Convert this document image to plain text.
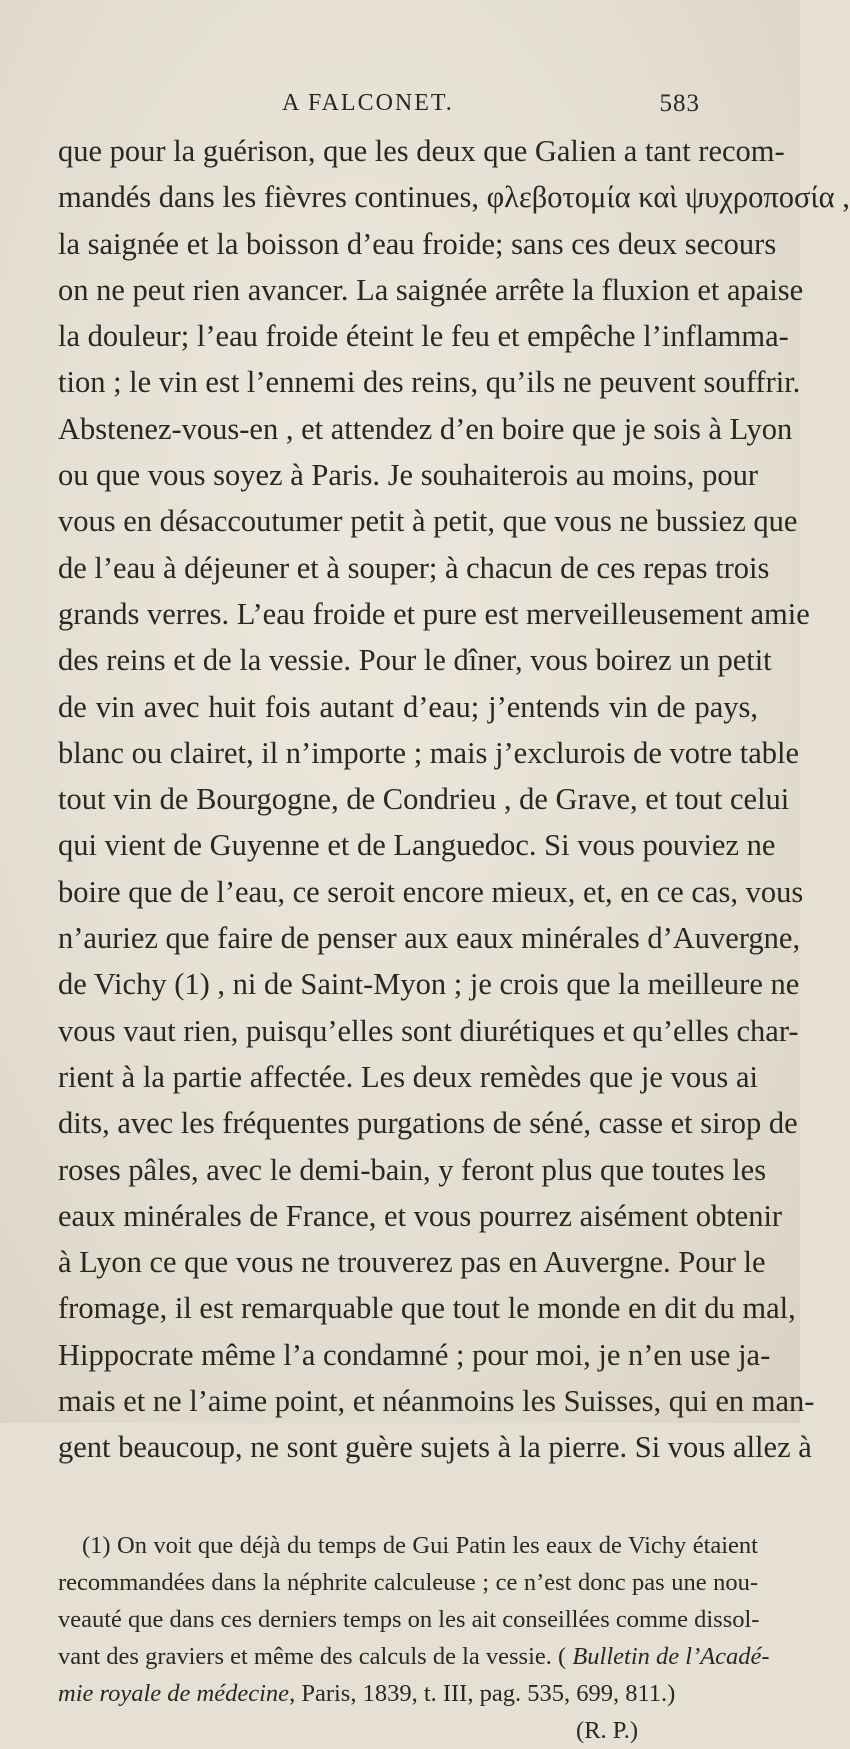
A FALCONET.	583
que pour la guérison, que les deux que Galien a tant recom-
mandés dans les fièvres continues, φλεβοτομία καὶ ψυχροποσία ,
la saignée et la boisson d’eau froide; sans ces deux secours
on ne peut rien avancer. La saignée arrête la fluxion et apaise
la douleur; l’eau froide éteint le feu et empêche l’inflamma-
tion ; le vin est l’ennemi des reins, qu’ils ne peuvent souffrir.
Abstenez-vous-en , et attendez d’en boire que je sois à Lyon
ou que vous soyez à Paris. Je souhaiterois au moins, pour
vous en désaccoutumer petit à petit, que vous ne bussiez que
de l’eau à déjeuner et à souper; à chacun de ces repas trois
grands verres. L’eau froide et pure est merveilleusement amie
des reins et de la vessie. Pour le dîner, vous boirez un petit
de vin avec huit fois autant d’eau; j’entends vin de pays,
blanc ou clairet, il n’importe ; mais j’exclurois de votre table
tout vin de Bourgogne, de Condrieu , de Grave, et tout celui
qui vient de Guyenne et de Languedoc. Si vous pouviez ne
boire que de l’eau, ce seroit encore mieux, et, en ce cas, vous
n’auriez que faire de penser aux eaux minérales d’Auvergne,
de Vichy (1) , ni de Saint-Myon ; je crois que la meilleure ne
vous vaut rien, puisqu’elles sont diurétiques et qu’elles char-
rient à la partie affectée. Les deux remèdes que je vous ai
dits, avec les fréquentes purgations de séné, casse et sirop de
roses pâles, avec le demi-bain, y feront plus que toutes les
eaux minérales de France, et vous pourrez aisément obtenir
à Lyon ce que vous ne trouverez pas en Auvergne. Pour le
fromage, il est remarquable que tout le monde en dit du mal,
Hippocrate même l’a condamné ; pour moi, je n’en use ja-
mais et ne l’aime point, et néanmoins les Suisses, qui en man-
gent beaucoup, ne sont guère sujets à la pierre. Si vous allez à
(1) On voit que déjà du temps de Gui Patin les eaux de Vichy étaient
recommandées dans la néphrite calculeuse ; ce n’est donc pas une nou-
veauté que dans ces derniers temps on les ait conseillées comme dissol-
vant des graviers et même des calculs de la vessie. ( Bulletin de l’Acadé-
mie royale de médecine, Paris, 1839, t. III, pag. 535, 699, 811.)
(R. P.)
